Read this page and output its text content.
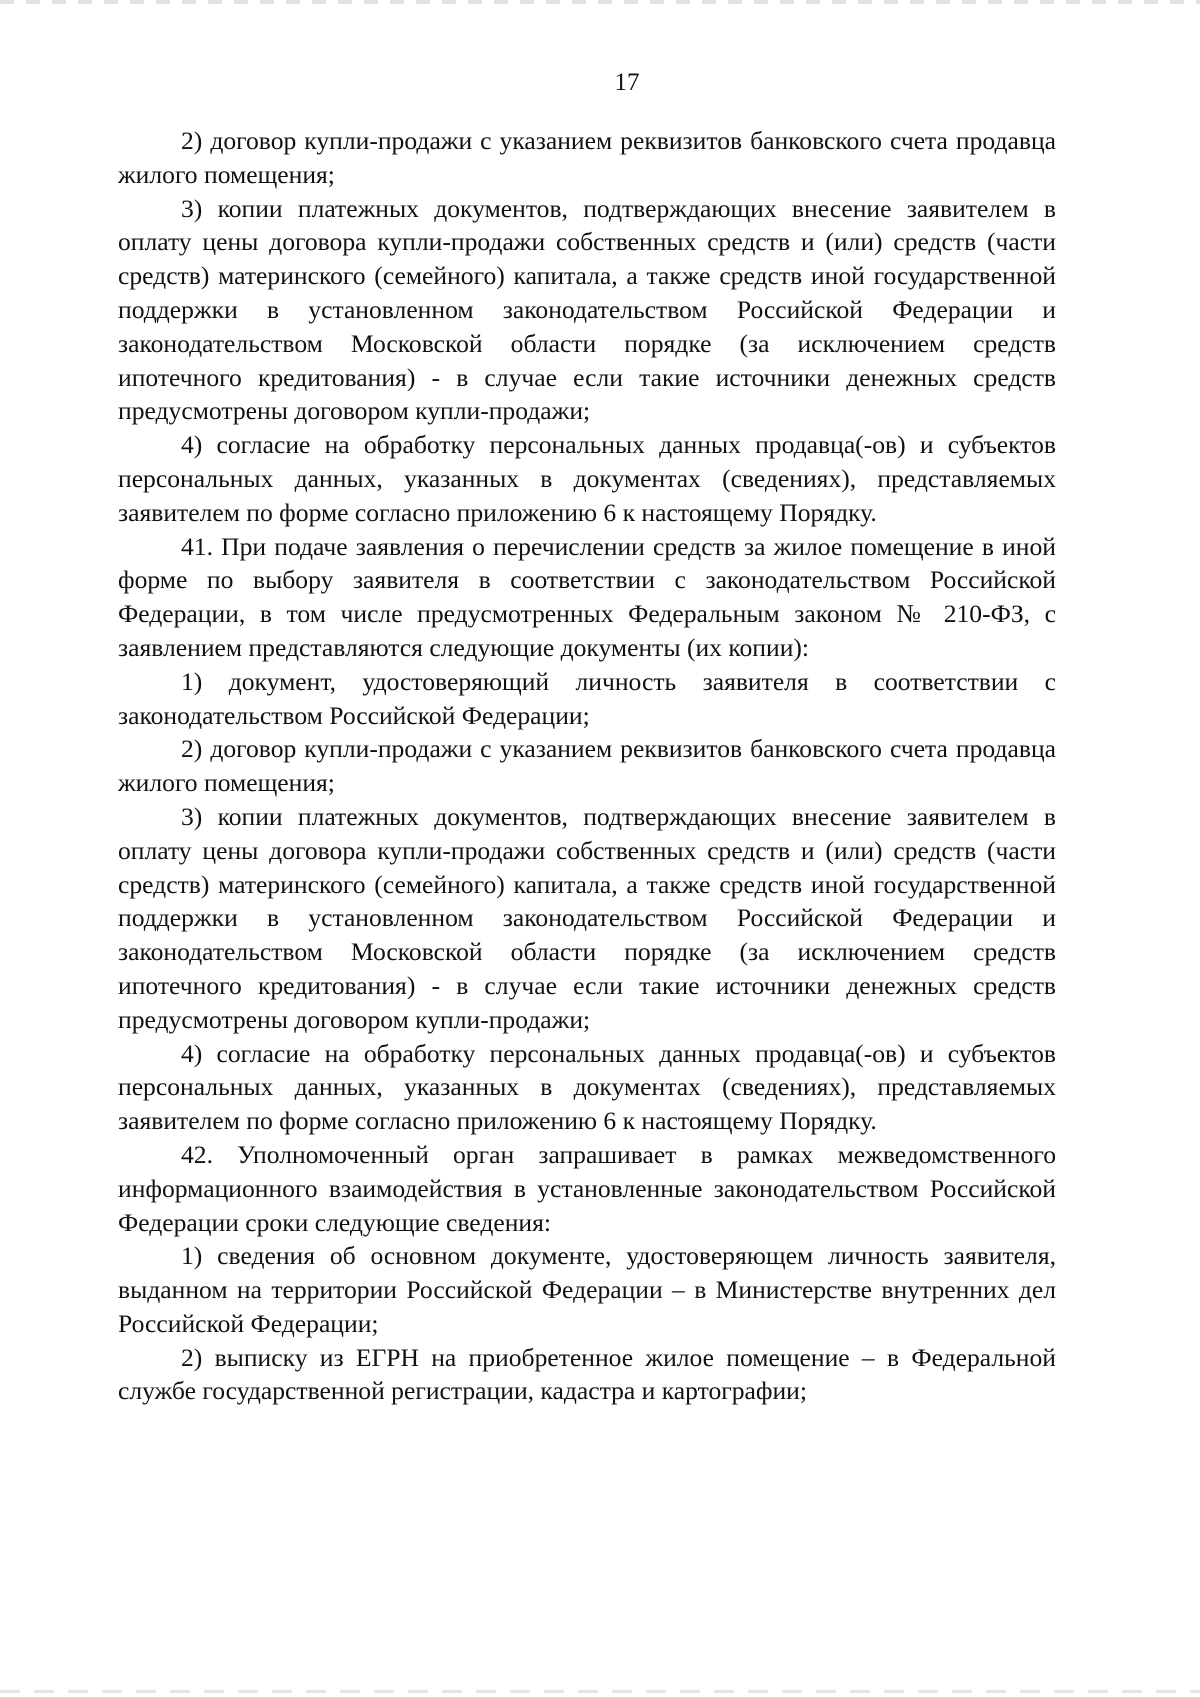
17

2) договор купли-продажи с указанием реквизитов банковского счета продавца жилого помещения;

3) копии платежных документов, подтверждающих внесение заявителем в оплату цены договора купли-продажи собственных средств и (или) средств (части средств) материнского (семейного) капитала, а также средств иной государственной поддержки в установленном законодательством Российской Федерации и законодательством Московской области порядке (за исключением средств ипотечного кредитования) - в случае если такие источники денежных средств предусмотрены договором купли-продажи;

4) согласие на обработку персональных данных продавца(-ов) и субъектов персональных данных, указанных в документах (сведениях), представляемых заявителем по форме согласно приложению 6 к настоящему Порядку.

41. При подаче заявления о перечислении средств за жилое помещение в иной форме по выбору заявителя в соответствии с законодательством Российской Федерации, в том числе предусмотренных Федеральным законом № 210-ФЗ, с заявлением представляются следующие документы (их копии):

1) документ, удостоверяющий личность заявителя в соответствии с законодательством Российской Федерации;

2) договор купли-продажи с указанием реквизитов банковского счета продавца жилого помещения;

3) копии платежных документов, подтверждающих внесение заявителем в оплату цены договора купли-продажи собственных средств и (или) средств (части средств) материнского (семейного) капитала, а также средств иной государственной поддержки в установленном законодательством Российской Федерации и законодательством Московской области порядке (за исключением средств ипотечного кредитования) - в случае если такие источники денежных средств предусмотрены договором купли-продажи;

4) согласие на обработку персональных данных продавца(-ов) и субъектов персональных данных, указанных в документах (сведениях), представляемых заявителем по форме согласно приложению 6 к настоящему Порядку.

42. Уполномоченный орган запрашивает в рамках межведомственного информационного взаимодействия в установленные законодательством Российской Федерации сроки следующие сведения:

1) сведения об основном документе, удостоверяющем личность заявителя, выданном на территории Российской Федерации – в Министерстве внутренних дел Российской Федерации;

2) выписку из ЕГРН на приобретенное жилое помещение – в Федеральной службе государственной регистрации, кадастра и картографии;
